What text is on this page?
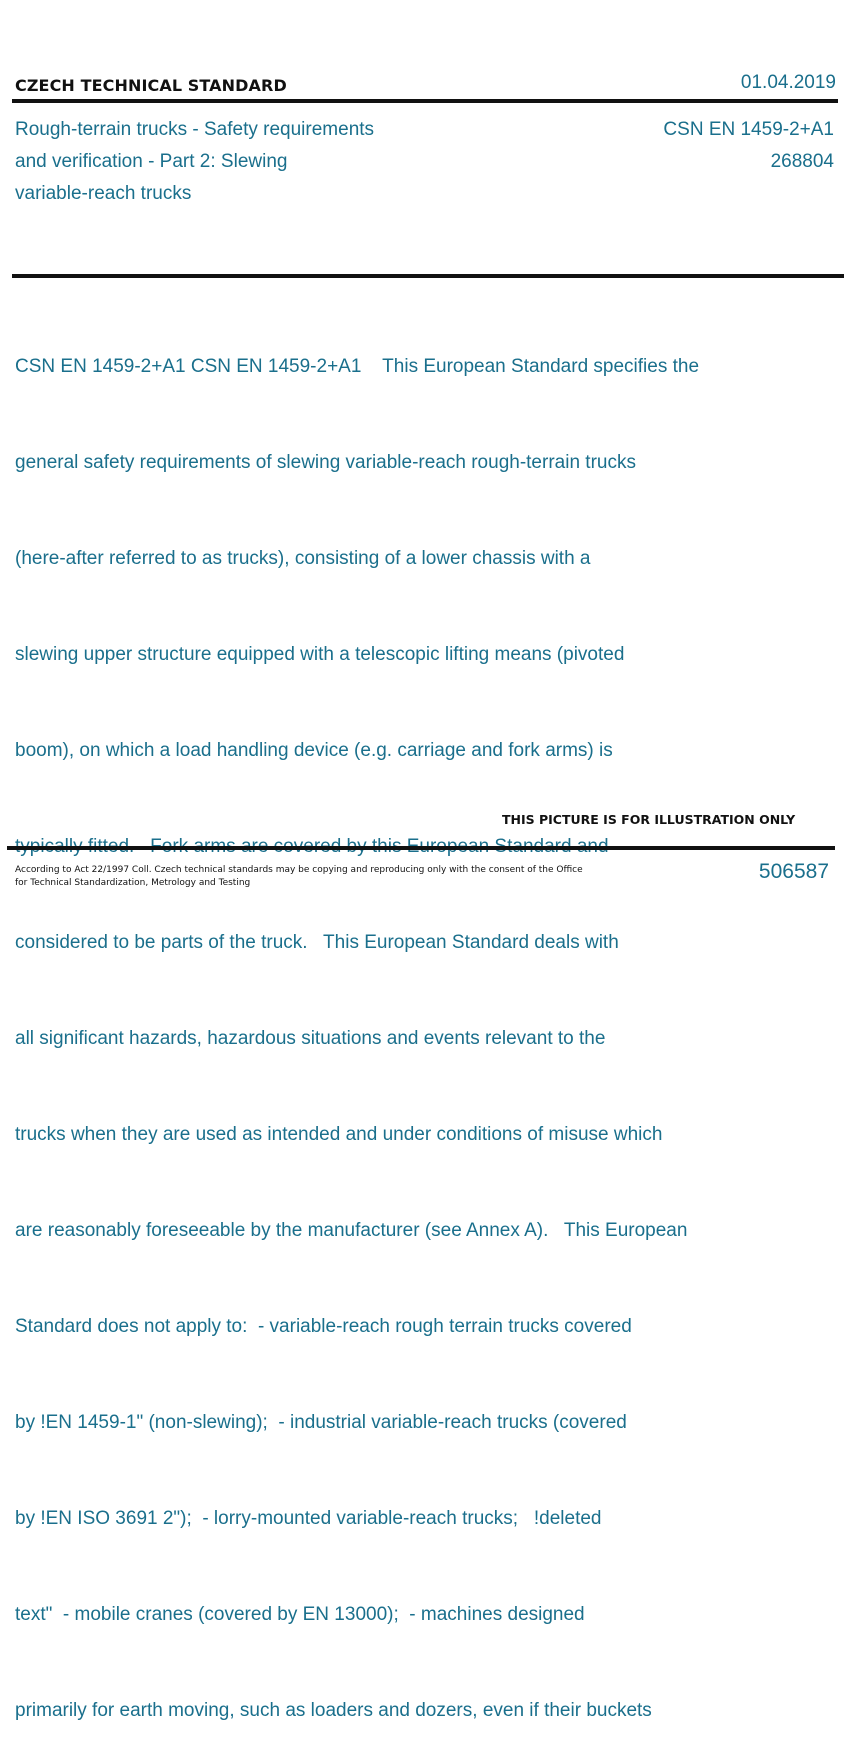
CZECH TECHNICAL STANDARD	01.04.2019
Rough-terrain trucks - Safety requirements
and verification - Part 2: Slewing
variable-reach trucks
CSN EN 1459-2+A1
268804

CSN EN 1459-2+A1 CSN EN 1459-2+A1    This European Standard specifies the

general safety requirements of slewing variable-reach rough-terrain trucks

(here-after referred to as trucks), consisting of a lower chassis with a

slewing upper structure equipped with a telescopic lifting means (pivoted

boom), on which a load handling device (e.g. carriage and fork arms) is

considered to be parts of the truck.   This European Standard deals with

all significant hazards, hazardous situations and events relevant to the

trucks when they are used as intended and under conditions of misuse which

are reasonably foreseeable by the manufacturer (see Annex A).   This European

Standard does not apply to:  - variable-reach rough terrain trucks covered

by !EN 1459-1" (non-slewing);  - industrial variable-reach trucks (covered

by !EN ISO 3691 2");  - lorry-mounted variable-reach trucks;   !deleted

text"  - mobile cranes (covered by EN 13000);  - machines designed

primarily for earth moving, such as loaders and dozers, even if their buckets

THIS PICTURE IS FOR ILLUSTRATION ONLY
According to Act 22/1997 Coll. Czech technical standards may be copying and reproducing only with the consent of the Office
for Technical Standardization, Metrology and Testing	506587
